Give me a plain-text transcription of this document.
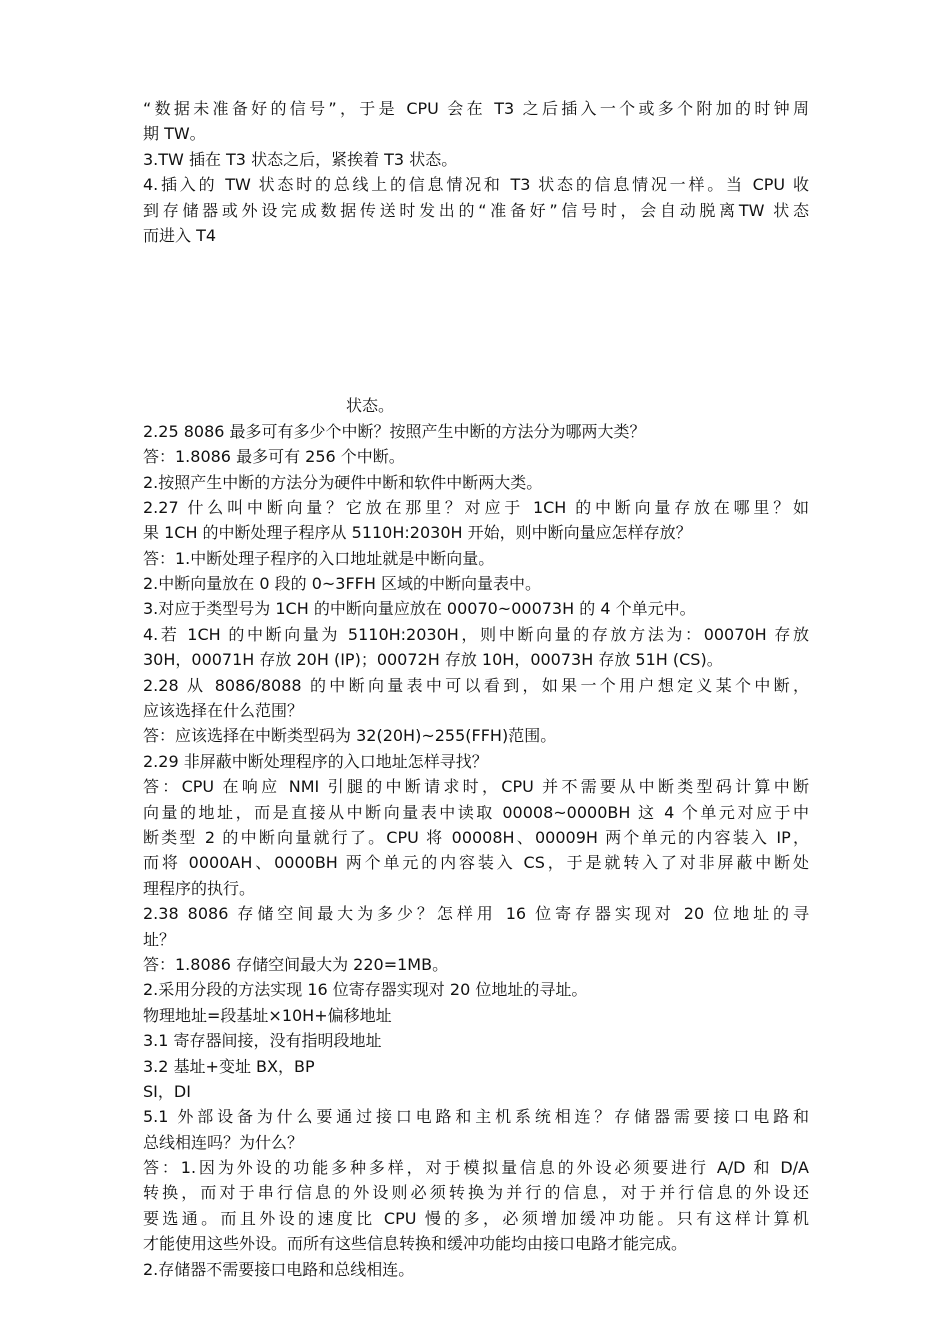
“数据未准备好的信号”，于是 CPU 会在 T3 之后插入一个或多个附加的时钟周
期 TW。
3.TW 插在 T3 状态之后，紧挨着 T3 状态。
4.插入的 TW 状态时的总线上的信息情况和 T3 状态的信息情况一样。当 CPU 收
到存储器或外设完成数据传送时发出的“准备好”信号时，会自动脱离TW 状态
而进入 T4
状态。
2.25 8086 最多可有多少个中断？按照产生中断的方法分为哪两大类？
答：1.8086 最多可有 256 个中断。
2.按照产生中断的方法分为硬件中断和软件中断两大类。
2.27 什么叫中断向量？它放在那里？对应于 1CH 的中断向量存放在哪里？如
果 1CH 的中断处理子程序从 5110H:2030H 开始，则中断向量应怎样存放？
答：1.中断处理子程序的入口地址就是中断向量。
2.中断向量放在 0 段的 0~3FFH 区域的中断向量表中。
3.对应于类型号为 1CH 的中断向量应放在 00070~00073H 的 4 个单元中。
4.若 1CH 的中断向量为 5110H:2030H，则中断向量的存放方法为：00070H 存放
30H，00071H 存放 20H (IP)；00072H 存放 10H，00073H 存放 51H (CS)。
2.28 从 8086/8088 的中断向量表中可以看到，如果一个用户想定义某个中断，
应该选择在什么范围？
答：应该选择在中断类型码为 32(20H)~255(FFH)范围。
2.29 非屏蔽中断处理程序的入口地址怎样寻找？
答：CPU 在响应 NMI 引腿的中断请求时，CPU 并不需要从中断类型码计算中断
向量的地址，而是直接从中断向量表中读取 00008~0000BH 这 4 个单元对应于中
断类型 2 的中断向量就行了。CPU 将 00008H、00009H 两个单元的内容装入 IP，
而将 0000AH、0000BH 两个单元的内容装入 CS，于是就转入了对非屏蔽中断处
理程序的执行。
2.38 8086 存储空间最大为多少？怎样用 16 位寄存器实现对 20 位地址的寻
址？
答：1.8086 存储空间最大为 220=1MB。
2.采用分段的方法实现 16 位寄存器实现对 20 位地址的寻址。
物理地址=段基址×10H+偏移地址
3.1 寄存器间接，没有指明段地址
3.2 基址+变址 BX，BP
SI，DI
5.1 外部设备为什么要通过接口电路和主机系统相连？存储器需要接口电路和
总线相连吗？为什么？
答：1.因为外设的功能多种多样，对于模拟量信息的外设必须要进行 A/D 和 D/A
转换，而对于串行信息的外设则必须转换为并行的信息，对于并行信息的外设还
要选通。而且外设的速度比 CPU 慢的多，必须增加缓冲功能。只有这样计算机
才能使用这些外设。而所有这些信息转换和缓冲功能均由接口电路才能完成。
2.存储器不需要接口电路和总线相连。
